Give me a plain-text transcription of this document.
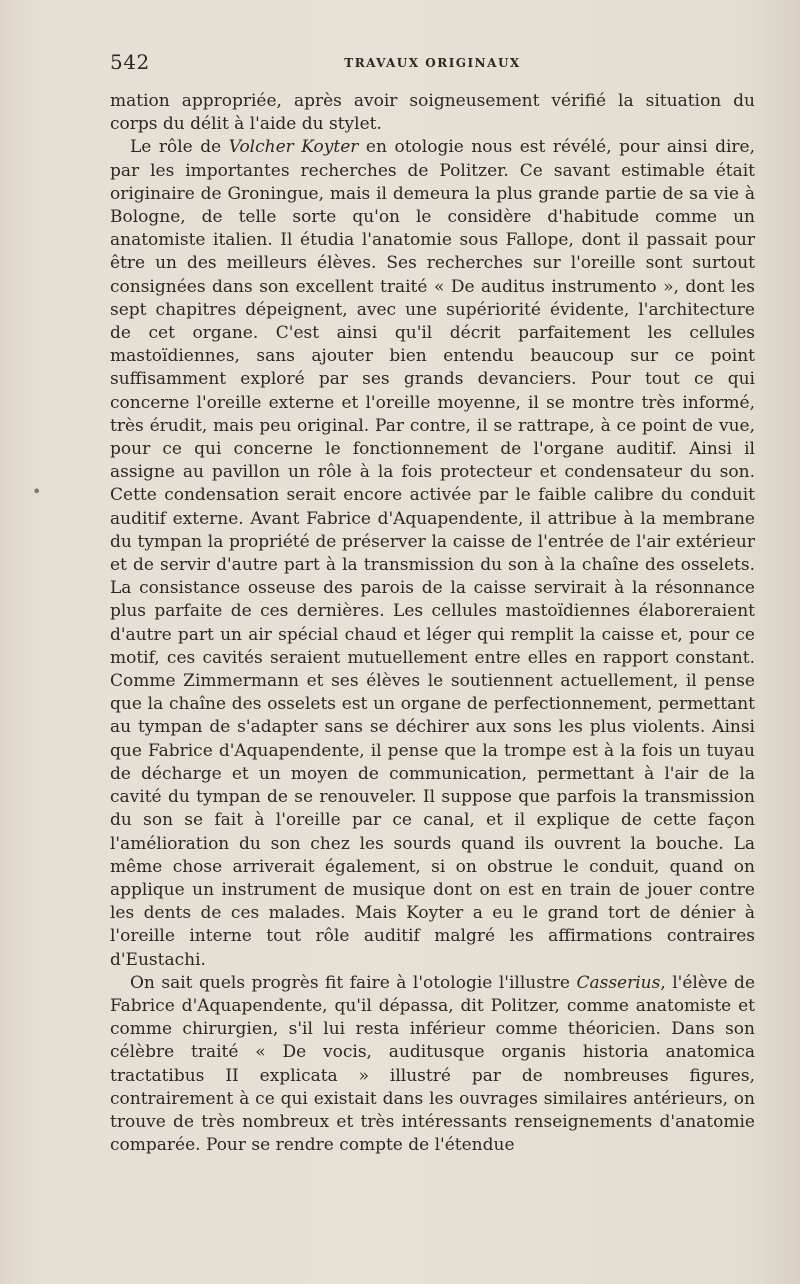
542	TRAVAUX ORIGINAUX
•

mation appropriée, après avoir soigneusement vérifié la situation du corps du délit à l'aide du stylet.

Le rôle de Volcher Koyter en otologie nous est révélé, pour ainsi dire, par les importantes recherches de Politzer. Ce savant estimable était originaire de Groningue, mais il demeura la plus grande partie de sa vie à Bologne, de telle sorte qu'on le considère d'habitude comme un anatomiste italien. Il étudia l'anatomie sous Fallope, dont il passait pour être un des meilleurs élèves. Ses recherches sur l'oreille sont surtout consignées dans son excellent traité « De auditus instrumento », dont les sept chapitres dépeignent, avec une supériorité évidente, l'architecture de cet organe. C'est ainsi qu'il décrit parfaitement les cellules mastoïdiennes, sans ajouter bien entendu beaucoup sur ce point suffisamment exploré par ses grands devanciers. Pour tout ce qui concerne l'oreille externe et l'oreille moyenne, il se montre très informé, très érudit, mais peu original. Par contre, il se rattrape, à ce point de vue, pour ce qui concerne le fonctionnement de l'organe auditif. Ainsi il assigne au pavillon un rôle à la fois protecteur et condensateur du son. Cette condensation serait encore activée par le faible calibre du conduit auditif externe. Avant Fabrice d'Aquapendente, il attribue à la membrane du tympan la propriété de préserver la caisse de l'entrée de l'air extérieur et de servir d'autre part à la transmission du son à la chaîne des osselets. La consistance osseuse des parois de la caisse servirait à la résonnance plus parfaite de ces dernières. Les cellules mastoïdiennes élaboreraient d'autre part un air spécial chaud et léger qui remplit la caisse et, pour ce motif, ces cavités seraient mutuellement entre elles en rapport constant. Comme Zimmermann et ses élèves le soutiennent actuellement, il pense que la chaîne des osselets est un organe de perfectionnement, permettant au tympan de s'adapter sans se déchirer aux sons les plus violents. Ainsi que Fabrice d'Aquapendente, il pense que la trompe est à la fois un tuyau de décharge et un moyen de communication, permettant à l'air de la cavité du tympan de se renouveler. Il suppose que parfois la transmission du son se fait à l'oreille par ce canal, et il explique de cette façon l'amélioration du son chez les sourds quand ils ouvrent la bouche. La même chose arriverait également, si on obstrue le conduit, quand on applique un instrument de musique dont on est en train de jouer contre les dents de ces malades. Mais Koyter a eu le grand tort de dénier à l'oreille interne tout rôle auditif malgré les affirmations contraires d'Eustachi.

On sait quels progrès fit faire à l'otologie l'illustre Casserius, l'élève de Fabrice d'Aquapendente, qu'il dépassa, dit Politzer, comme anatomiste et comme chirurgien, s'il lui resta inférieur comme théoricien. Dans son célèbre traité « De vocis, auditusque organis historia anatomica tractatibus II explicata » illustré par de nombreuses figures, contrairement à ce qui existait dans les ouvrages similaires antérieurs, on trouve de très nombreux et très intéressants renseignements d'anatomie comparée. Pour se rendre compte de l'étendue
